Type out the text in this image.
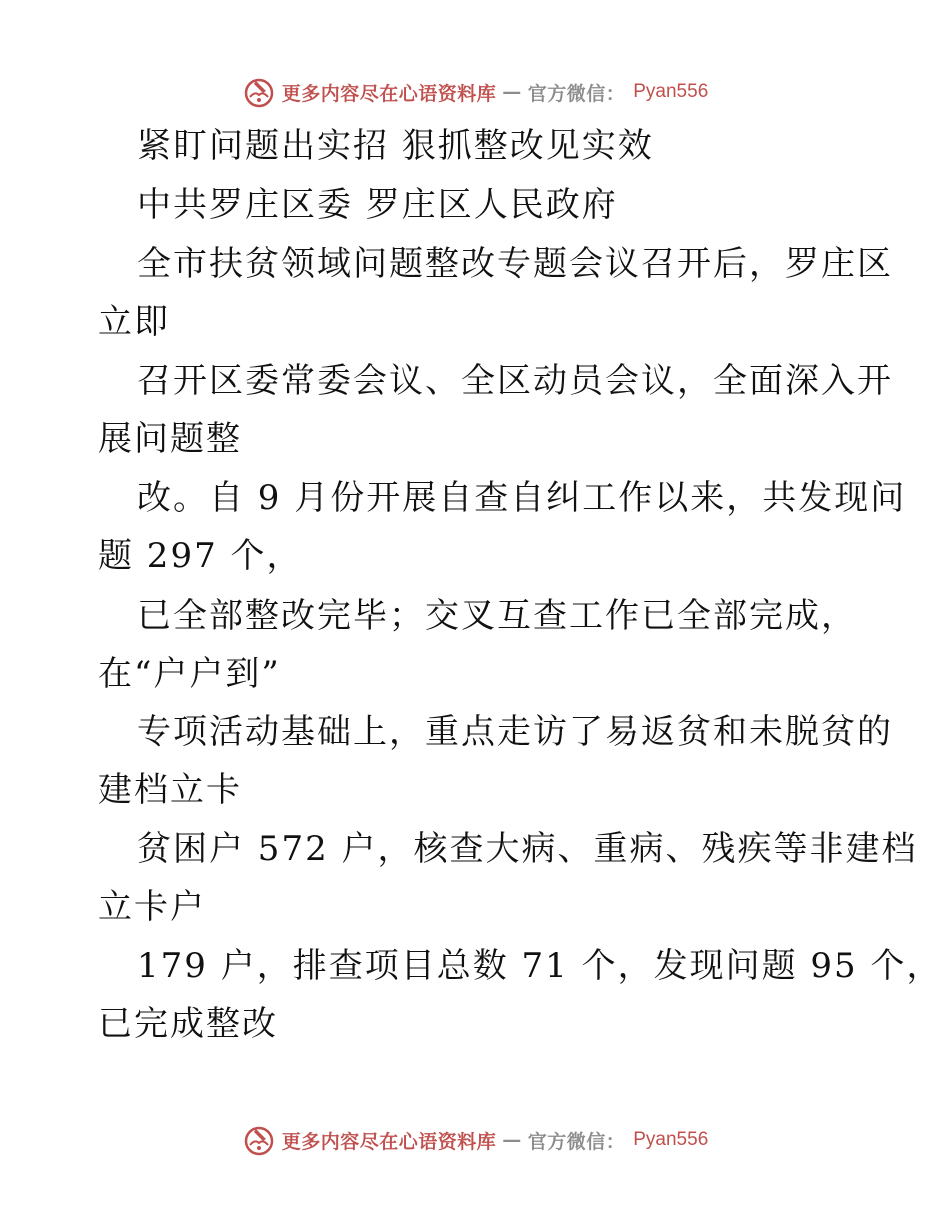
更多内容尽在心语资料库 — 官方微信： Pyan556
紧盯问题出实招 狠抓整改见实效
中共罗庄区委 罗庄区人民政府
全市扶贫领域问题整改专题会议召开后，罗庄区
立即
召开区委常委会议、全区动员会议，全面深入开
展问题整
改。自 9 月份开展自查自纠工作以来，共发现问
题 297 个，
已全部整改完毕；交叉互查工作已全部完成，
在“户户到”
专项活动基础上，重点走访了易返贫和未脱贫的
建档立卡
贫困户 572 户，核查大病、重病、残疾等非建档
立卡户
179 户，排查项目总数 71 个，发现问题 95 个，
已完成整改
更多内容尽在心语资料库 — 官方微信： Pyan556
